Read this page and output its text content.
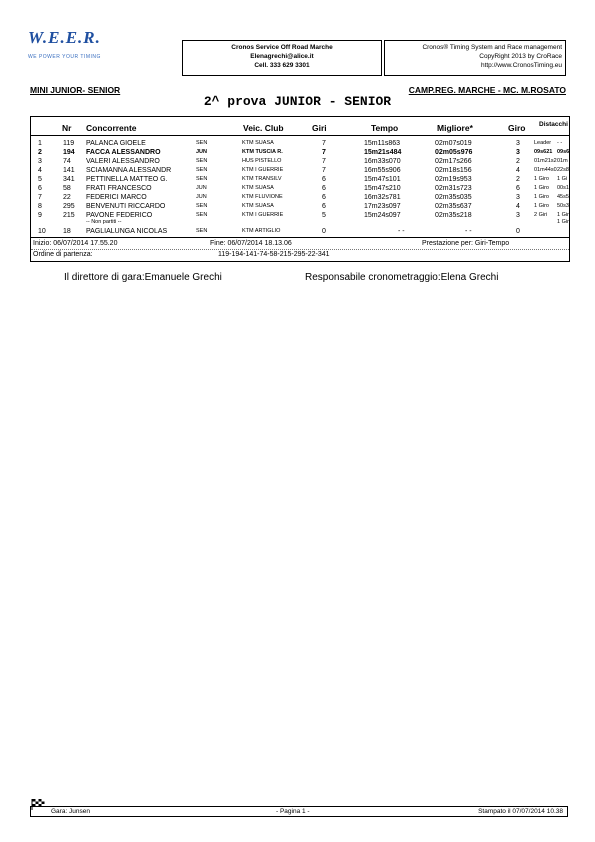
W.E.E.R.
WE POWER YOUR TIMING
Cronos Service Off Road Marche
Elenagrechi@alice.it
Cell. 333 629 3301
Cronos® Timing System and Race management
CopyRight 2013 by CroRace
http://www.CronosTiming.eu
MINI JUNIOR- SENIOR	CAMP.REG. MARCHE - MC. M.ROSATO
2^ prova JUNIOR - SENIOR
Nr Concorrente	Veic. Club	Giri	Tempo	Migliore*	Giro Distacchi
1	119 PALANCA GIOELE	SEN	KTM SUASA	7	15m11s863	02m07s019	3	Leader - -
2	194 FACCA ALESSANDRO	JUN	KTM TUSCIA R.	7	15m21s484	02m05s976	3	09s621 09s6
3	74 VALERI ALESSANDRO	SEN	HUS PISTELLO	7	16m33s070	02m17s266	2	01m21s2 01m
4	141 SCIAMANNA ALESSANDR	SEN	KTM I GUERRIE	7	16m55s906	02m18s156	4	01m44s0 22s8
5	341 PETTINELLA MATTEO G.	SEN	KTM TRANSILV	6	15m47s101	02m19s953	2	1 Giro 1 Gi
6	58 FRATI FRANCESCO	JUN	KTM SUASA	6	15m47s210	02m31s723	6	1 Giro 00s1
7	22 FEDERICI MARCO	JUN	KTM FLUVIONE	6	16m32s781	02m35s035	3	1 Giro 45s5
8	295 BENVENUTI RICCARDO	SEN	KTM SUASA	6	17m23s097	02m35s637	4	1 Giro 50s3
9	215 PAVONE FEDERICO	SEN	KTM I GUERRIE	5	15m24s097	02m35s218	3	2 Giri 1 Gir
-- Non partiti --	1 Gir
10 18 PAGLIALUNGA NICOLAS	SEN	KTM ARTIGLIO	0	- -	- -	0
Inizio: 06/07/2014 17.55.20	Fine: 06/07/2014 18.13.06	Prestazione per: Giri-Tempo
Ordine di partenza:	119-194-141-74-58-215-295-22-341
Il direttore di gara:Emanuele Grechi	Responsabile cronometraggio:Elena Grechi
Gara: Junsen	- Pagina 1 -	Stampato il 07/07/2014 10.38
